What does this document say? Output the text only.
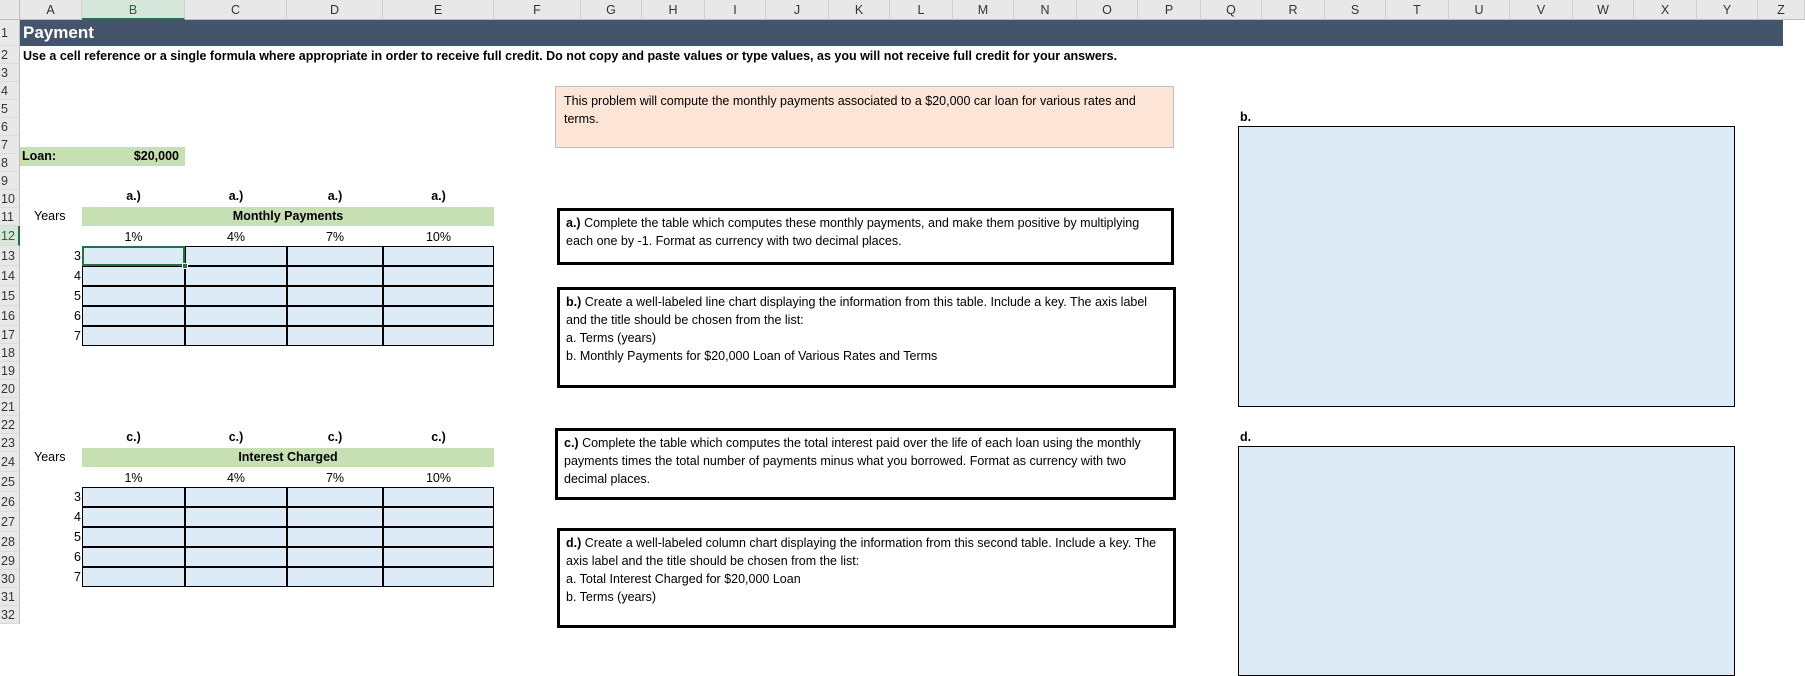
A	B	C	D	E	F	G	H	I	J	K	L	M	N	O	P	Q	R	S	T	U	V	W	X	Y	Z
1
2
3
4
5
6
7
8
9
10
11
12
13
14
15
16
17
18
19
20
21
22
23
24
25
26
27
28
29
30
31
32
Payment
Use a cell reference or a single formula where appropriate in order to receive full credit. Do not copy and paste values or type values, as you will not receive full credit for your answers.
Loan:	$20,000
a.)	a.)	a.)	a.)
Years	Monthly Payments
1%	4%	7%	10%
3
4
5
6
7
c.)	c.)	c.)	c.)
Years	Interest Charged
1%	4%	7%	10%
3
4
5
6
7
This problem will compute the monthly payments associated to a $20,000 car loan for various rates and terms.
a.) Complete the table which computes these monthly payments, and make them positive by multiplying each one by -1. Format as currency with two decimal places.
b.) Create a well-labeled line chart displaying the information from this table. Include a key. The axis label and the title should be chosen from the list:
a. Terms (years)
b. Monthly Payments for $20,000 Loan of Various Rates and Terms
c.) Complete the table which computes the total interest paid over the life of each loan using the monthly payments times the total number of payments minus what you borrowed. Format as currency with two decimal places.
d.) Create a well-labeled column chart displaying the information from this second table. Include a key. The axis label and the title should be chosen from the list:
a. Total Interest Charged for $20,000 Loan
b. Terms (years)
b.
d.
